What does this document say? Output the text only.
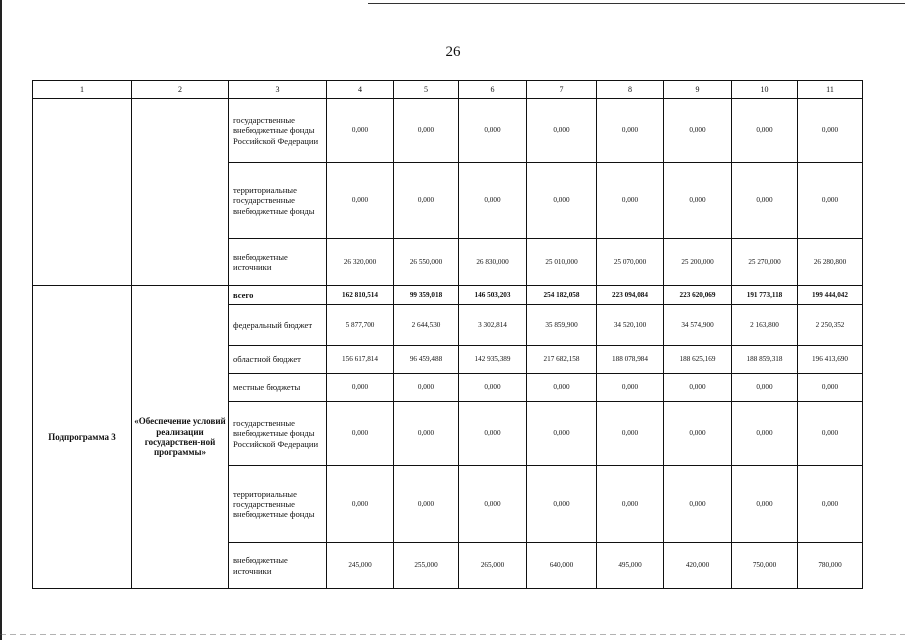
26
1	2	3	4	5	6	7	8	9	10	11
		государственные внебюджетные фонды Российской Федерации	0,000	0,000	0,000	0,000	0,000	0,000	0,000	0,000
		территориальные государственные внебюджетные фонды	0,000	0,000	0,000	0,000	0,000	0,000	0,000	0,000
		внебюджетные источники	26 320,000	26 550,000	26 830,000	25 010,000	25 070,000	25 200,000	25 270,000	26 280,800
Подпрограмма 3	«Обеспечение условий реализации государствен-ной программы»	всего	162 810,514	99 359,018	146 503,203	254 182,058	223 094,084	223 620,069	191 773,118	199 444,042
		федеральный бюджет	5 877,700	2 644,530	3 302,814	35 859,900	34 520,100	34 574,900	2 163,800	2 250,352
		областной бюджет	156 617,814	96 459,488	142 935,389	217 682,158	188 078,984	188 625,169	188 859,318	196 413,690
		местные бюджеты	0,000	0,000	0,000	0,000	0,000	0,000	0,000	0,000
		государственные внебюджетные фонды Российской Федерации	0,000	0,000	0,000	0,000	0,000	0,000	0,000	0,000
		территориальные государственные внебюджетные фонды	0,000	0,000	0,000	0,000	0,000	0,000	0,000	0,000
		внебюджетные источники	245,000	255,000	265,000	640,000	495,000	420,000	750,000	780,000
